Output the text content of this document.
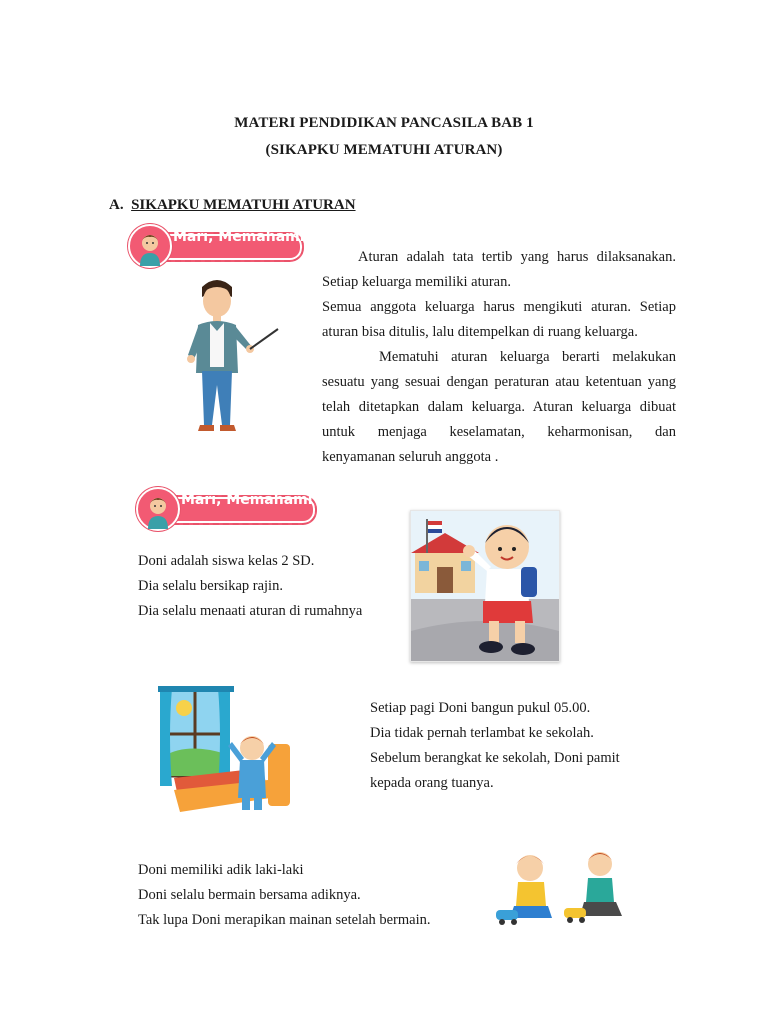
MATERI PENDIDIKAN PANCASILA BAB 1
(SIKAPKU MEMATUHI ATURAN)
A. SIKAPKU MEMATUHI ATURAN
Mari, Memahami

Aturan adalah tata tertib yang harus dilaksanakan. Setiap keluarga memiliki aturan.

Semua anggota keluarga harus mengikuti aturan. Setiap aturan bisa ditulis, lalu ditempelkan di ruang keluarga.

Mematuhi aturan keluarga berarti melakukan sesuatu yang sesuai dengan peraturan atau ketentuan yang telah ditetapkan dalam keluarga. Aturan keluarga dibuat untuk menjaga keselamatan, keharmonisan, dan kenyamanan seluruh anggota .

Mari, Memahami
Doni adalah siswa kelas 2 SD.
Dia selalu bersikap rajin.
Dia selalu menaati aturan di rumahnya
Setiap pagi Doni bangun pukul 05.00.
Dia tidak pernah terlambat ke sekolah.
Sebelum berangkat ke sekolah, Doni pamit
kepada orang tuanya.
Doni memiliki adik laki-laki
Doni selalu bermain bersama adiknya.
Tak lupa Doni merapikan mainan setelah bermain.
